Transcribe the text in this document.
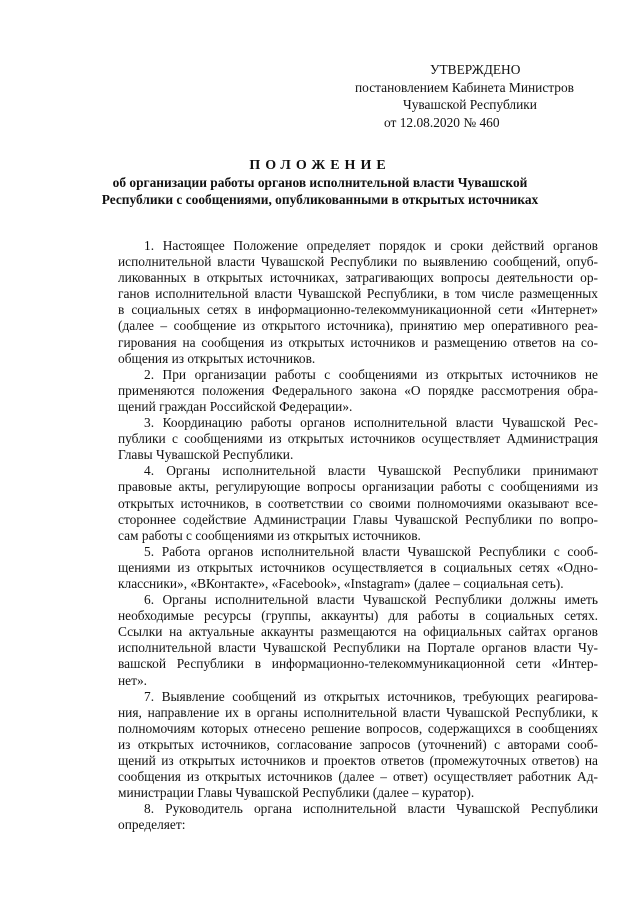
УТВЕРЖДЕНО
постановлением Кабинета Министров
Чувашской Республики
от 12.08.2020 № 460
ПОЛОЖЕНИЕ
об организации работы органов исполнительной власти Чувашской
Республики с сообщениями, опубликованными в открытых источниках

1. Настоящее Положение определяет порядок и сроки действий органов
исполнительной власти Чувашской Республики по выявлению сообщений, опуб-
ликованных в открытых источниках, затрагивающих вопросы деятельности ор-
ганов исполнительной власти Чувашской Республики, в том числе размещенных
в социальных сетях в информационно-телекоммуникационной сети «Интернет»
(далее – сообщение из открытого источника), принятию мер оперативного реа-
гирования на сообщения из открытых источников и размещению ответов на со-
общения из открытых источников.

2. При организации работы с сообщениями из открытых источников не
применяются положения Федерального закона «О порядке рассмотрения обра-
щений граждан Российской Федерации».

3. Координацию работы органов исполнительной власти Чувашской Рес-
публики с сообщениями из открытых источников осуществляет Администрация
Главы Чувашской Республики.

4. Органы исполнительной власти Чувашской Республики принимают
правовые акты, регулирующие вопросы организации работы с сообщениями из
открытых источников, в соответствии со своими полномочиями оказывают все-
стороннее содействие Администрации Главы Чувашской Республики по вопро-
сам работы с сообщениями из открытых источников.

5. Работа органов исполнительной власти Чувашской Республики с сооб-
щениями из открытых источников осуществляется в социальных сетях «Одно-
классники», «ВКонтакте», «Facebook», «Instagram» (далее – социальная сеть).

6. Органы исполнительной власти Чувашской Республики должны иметь
необходимые ресурсы (группы, аккаунты) для работы в социальных сетях.
Ссылки на актуальные аккаунты размещаются на официальных сайтах органов
исполнительной власти Чувашской Республики на Портале органов власти Чу-
вашской Республики в информационно-телекоммуникационной сети «Интер-
нет».

7. Выявление сообщений из открытых источников, требующих реагирова-
ния, направление их в органы исполнительной власти Чувашской Республики, к
полномочиям которых отнесено решение вопросов, содержащихся в сообщениях
из открытых источников, согласование запросов (уточнений) с авторами сооб-
щений из открытых источников и проектов ответов (промежуточных ответов) на
сообщения из открытых источников (далее – ответ) осуществляет работник Ад-
министрации Главы Чувашской Республики (далее – куратор).

8. Руководитель органа исполнительной власти Чувашской Республики
определяет:
